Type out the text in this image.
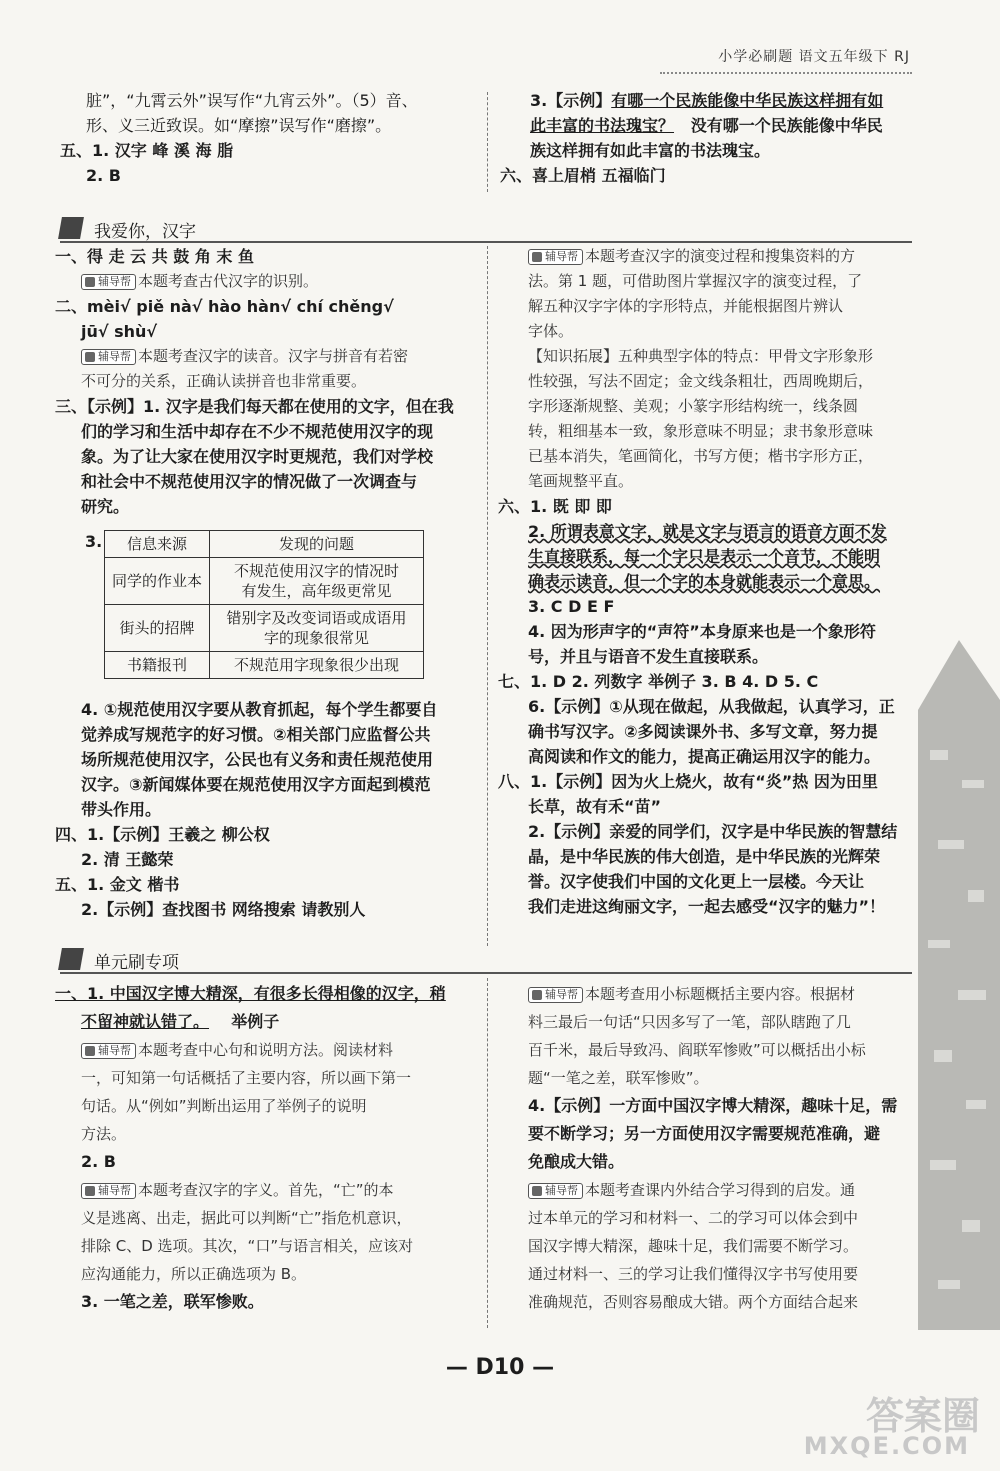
小学必刷题 语文五年级下 RJ

脏”，“九霄云外”误写作“九宵云外”。（5）音、

形、义三近致误。如“摩擦”误写作“磨擦”。

五、1. 汉字 峰 溪 海 脂

2. B

3.【示例】有哪一个民族能像中华民族这样拥有如

此丰富的书法瑰宝？ 没有哪一个民族能像中华民

族这样拥有如此丰富的书法瑰宝。

六、喜上眉梢 五福临门

我爱你，汉字

一、得 走 云 共 鼓 角 末 鱼

辅导帮 本题考查古代汉字的识别。

二、mèi√ piě nà√ hào hàn√ chí chěng√

jū√ shù√

辅导帮 本题考查汉字的读音。汉字与拼音有若密

不可分的关系，正确认读拼音也非常重要。

三、【示例】1. 汉字是我们每天都在使用的文字，但在我

们的学习和生活中却存在不少不规范使用汉字的现

象。为了让大家在使用汉字时更规范，我们对学校

和社会中不规范使用汉字的情况做了一次调查与

研究。

3. 信息来源	发现的问题
同学的作业本	不规范使用汉字的情况时
有发生，高年级更常见

街头的招牌	错别字及改变词语或成语用
字的现象很常见

书籍报刊	不规范用字现象很少出现

4. ①规范使用汉字要从教育抓起，每个学生都要自

觉养成写规范字的好习惯。②相关部门应监督公共

场所规范使用汉字，公民也有义务和责任规范使用

汉字。③新闻媒体要在规范使用汉字方面起到模范

带头作用。

四、1.【示例】王羲之 柳公权

2. 清 王懿荣

五、1. 金文 楷书

2.【示例】查找图书 网络搜索 请教别人

辅导帮 本题考查汉字的演变过程和搜集资料的方

法。第 1 题，可借助图片掌握汉字的演变过程，了

解五种汉字字体的字形特点，并能根据图片辨认

字体。

【知识拓展】五种典型字体的特点：甲骨文字形象形

性较强，写法不固定；金文线条粗壮，西周晚期后，

字形逐渐规整、美观；小篆字形结构统一，线条圆

转，粗细基本一致，象形意味不明显；隶书象形意味

已基本消失，笔画简化，书写方便；楷书字形方正，

笔画规整平直。

六、1. 既 即 即

2. 所谓表意文字，就是文字与语言的语音方面不发

生直接联系，每一个字只是表示一个音节，不能明

确表示读音，但一个字的本身就能表示一个意思。

3. C D E F

4. 因为形声字的“声符”本身原来也是一个象形符

号，并且与语音不发生直接联系。

七、1. D 2. 列数字 举例子 3. B 4. D 5. C

6.【示例】①从现在做起，从我做起，认真学习，正

确书写汉字。②多阅读课外书、多写文章，努力提

高阅读和作文的能力，提高正确运用汉字的能力。

八、1.【示例】因为火上烧火，故有“炎”热 因为田里

长草，故有禾“苗”

2.【示例】亲爱的同学们，汉字是中华民族的智慧结

晶，是中华民族的伟大创造，是中华民族的光辉荣

誉。汉字使我们中国的文化更上一层楼。今天让

我们走进这绚丽文字，一起去感受“汉字的魅力”！

单元刷专项

一、1. 中国汉字博大精深，有很多长得相像的汉字，稍

不留神就认错了。 举例子

辅导帮 本题考查中心句和说明方法。阅读材料

一，可知第一句话概括了主要内容，所以画下第一

句话。从“例如”判断出运用了举例子的说明

方法。

2. B

辅导帮 本题考查汉字的字义。首先，“亡”的本

义是逃离、出走，据此可以判断“亡”指危机意识，

排除 C、D 选项。其次，“口”与语言相关，应该对

应沟通能力，所以正确选项为 B。

3. 一笔之差，联军惨败。

辅导帮 本题考查用小标题概括主要内容。根据材

料三最后一句话“只因多写了一笔，部队瞎跑了几

百千米，最后导致冯、阎联军惨败”可以概括出小标

题“一笔之差，联军惨败”。

4.【示例】一方面中国汉字博大精深，趣味十足，需

要不断学习；另一方面使用汉字需要规范准确，避

免酿成大错。

辅导帮 本题考查课内外结合学习得到的启发。通

过本单元的学习和材料一、二的学习可以体会到中

国汉字博大精深，趣味十足，我们需要不断学习。

通过材料一、三的学习让我们懂得汉字书写使用要

准确规范，否则容易酿成大错。两个方面结合起来

— D10 —
答案圈
MXQE.COM
